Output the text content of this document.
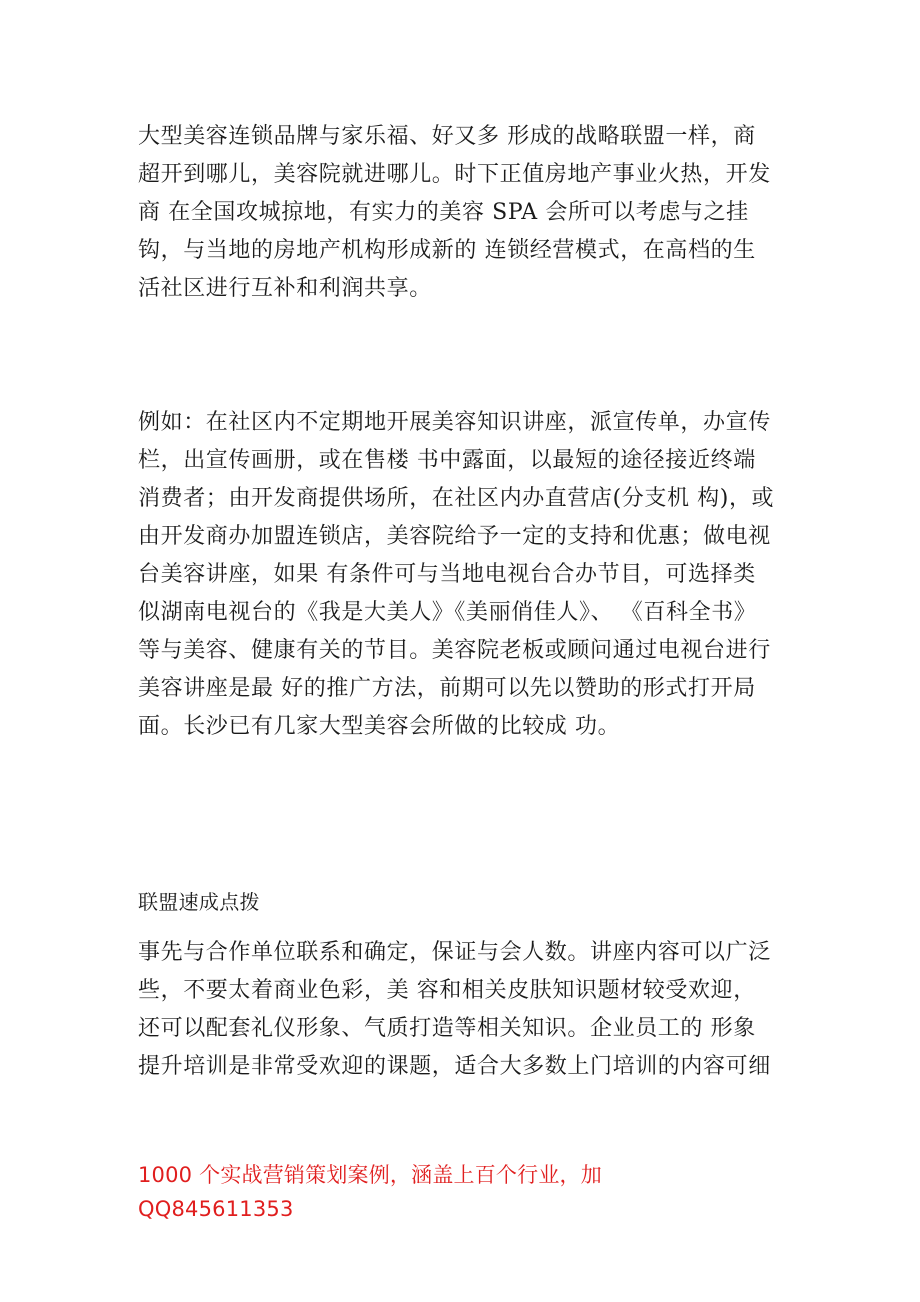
大型美容连锁品牌与家乐福、好又多 形成的战略联盟一样，商
超开到哪儿，美容院就进哪儿。时下正值房地产事业火热，开发
商 在全国攻城掠地，有实力的美容 SPA 会所可以考虑与之挂
钩，与当地的房地产机构形成新的 连锁经营模式，在高档的生
活社区进行互补和利润共享。
例如：在社区内不定期地开展美容知识讲座，派宣传单，办宣传
栏，出宣传画册，或在售楼 书中露面，以最短的途径接近终端
消费者；由开发商提供场所，在社区内办直营店(分支机 构)，或
由开发商办加盟连锁店，美容院给予一定的支持和优惠；做电视
台美容讲座，如果 有条件可与当地电视台合办节目，可选择类
似湖南电视台的《我是大美人》《美丽俏佳人》、 《百科全书》
等与美容、健康有关的节目。美容院老板或顾问通过电视台进行
美容讲座是最 好的推广方法，前期可以先以赞助的形式打开局
面。长沙已有几家大型美容会所做的比较成 功。
联盟速成点拨
事先与合作单位联系和确定，保证与会人数。讲座内容可以广泛
些，不要太着商业色彩，美 容和相关皮肤知识题材较受欢迎，
还可以配套礼仪形象、气质打造等相关知识。企业员工的 形象
提升培训是非常受欢迎的课题，适合大多数上门培训的内容可细
1000 个实战营销策划案例，涵盖上百个行业，加
QQ845611353
